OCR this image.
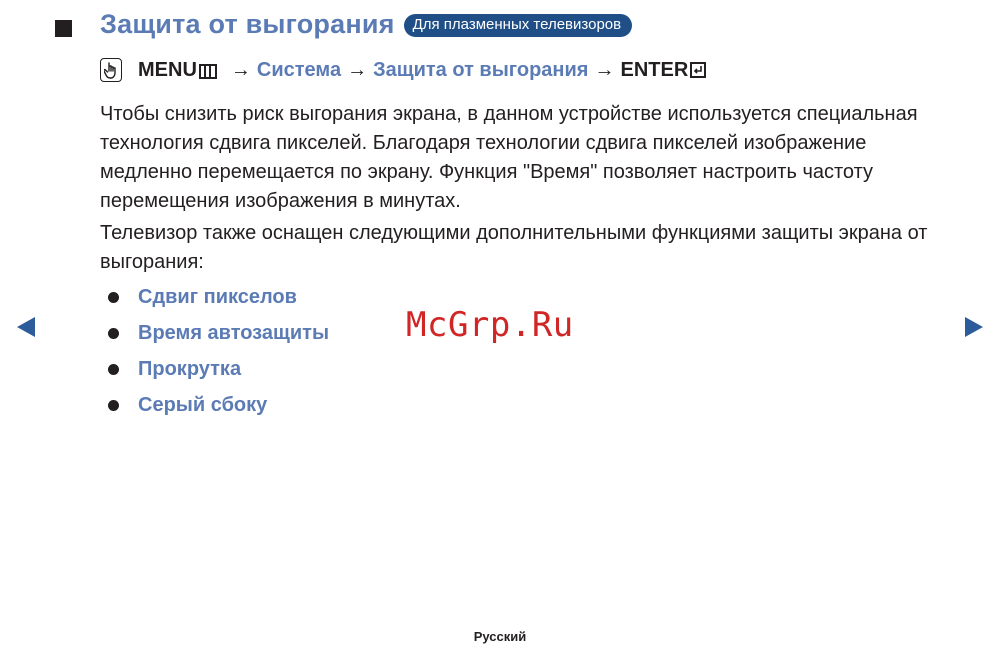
Защита от выгорания	Для плазменных телевизоров
MENU → Система → Защита от выгорания → ENTER

Чтобы снизить риск выгорания экрана, в данном устройстве используется специальная технология сдвига пикселей. Благодаря технологии сдвига пикселей изображение медленно перемещается по экрану. Функция "Время" позволяет настроить частоту перемещения изображения в минутах.

Телевизор также оснащен следующими дополнительными функциями защиты экрана от выгорания:

Сдвиг пикселов
Время автозащиты
Прокрутка
Серый сбоку
McGrp.Ru
Русский
